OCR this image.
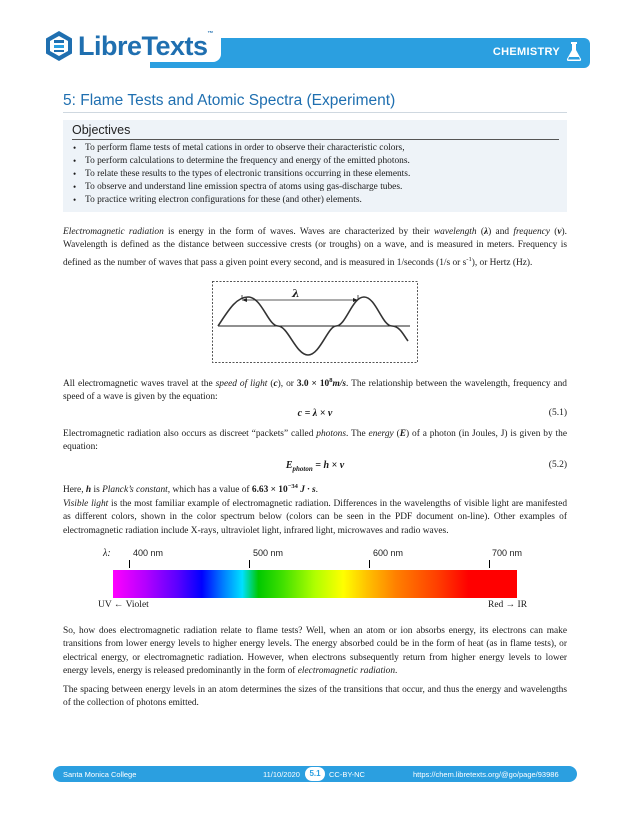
LibreTexts™
CHEMISTRY
5: Flame Tests and Atomic Spectra (Experiment)
Objectives
• To perform flame tests of metal cations in order to observe their characteristic colors,
• To perform calculations to determine the frequency and energy of the emitted photons.
• To relate these results to the types of electronic transitions occurring in these elements.
• To observe and understand line emission spectra of atoms using gas-discharge tubes.
• To practice writing electron configurations for these (and other) elements.

Electromagnetic radiation is energy in the form of waves. Waves are characterized by their wavelength (λ) and frequency (ν). Wavelength is defined as the distance between successive crests (or troughs) on a wave, and is measured in meters. Frequency is defined as the number of waves that pass a given point every second, and is measured in 1/seconds (1/s or $s^{-1}$), or Hertz (Hz).

λ

All electromagnetic waves travel at the speed of light (c), or $3.0 \times 10^8m/s$. The relationship between the wavelength, frequency and speed of a wave is given by the equation:

c = λ × ν	(5.1)

Electromagnetic radiation also occurs as discreet “packets” called photons. The energy (E) of a photon (in Joules, J) is given by the equation:

$E_{photon} = h \times \nu$	(5.2)

Here, h is Planck’s constant, which has a value of $6.63 \times 10^{-34}$ J · s.

Visible light is the most familiar example of electromagnetic radiation. Differences in the wavelengths of visible light are manifested as different colors, shown in the color spectrum below (colors can be seen in the PDF document on-line). Other examples of electromagnetic radiation include X-rays, ultraviolet light, infrared light, microwaves and radio waves.

λ: 400 nm	500 nm	600 nm	700 nm
UV ← Violet	Red → IR

So, how does electromagnetic radiation relate to flame tests? Well, when an atom or ion absorbs energy, its electrons can make transitions from lower energy levels to higher energy levels. The energy absorbed could be in the form of heat (as in flame tests), or electrical energy, or electromagnetic radiation. However, when electrons subsequently return from higher energy levels to lower energy levels, energy is released predominantly in the form of electromagnetic radiation.

The spacing between energy levels in an atom determines the sizes of the transitions that occur, and thus the energy and wavelengths of the collection of photons emitted.

Santa Monica College	11/10/2020	5.1	CC-BY-NC	https://chem.libretexts.org/@go/page/93986
